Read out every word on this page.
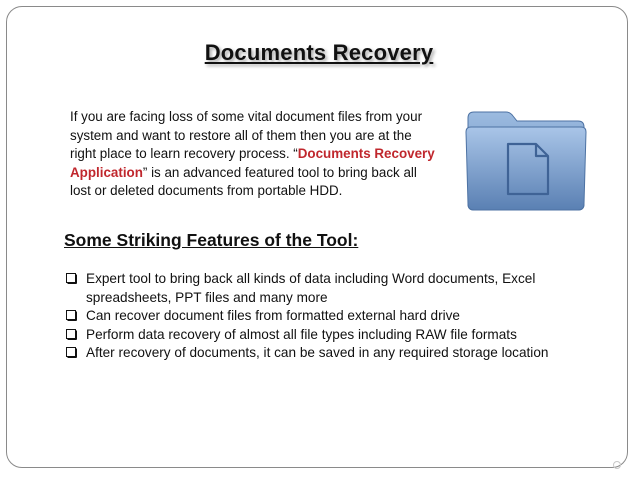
Documents Recovery
If you are facing loss of some vital document files from your system and want to restore all of them then you are at the right place to learn recovery process. “Documents Recovery Application” is an advanced featured tool to bring back all lost or deleted documents from portable HDD.
Some Striking Features of the Tool:
Expert tool to bring back all kinds of data including Word documents, Excel spreadsheets, PPT files and many more
Can recover document files from formatted external hard drive
Perform data recovery of almost all file types including RAW file formats
After recovery of documents, it can be saved in any required storage location
